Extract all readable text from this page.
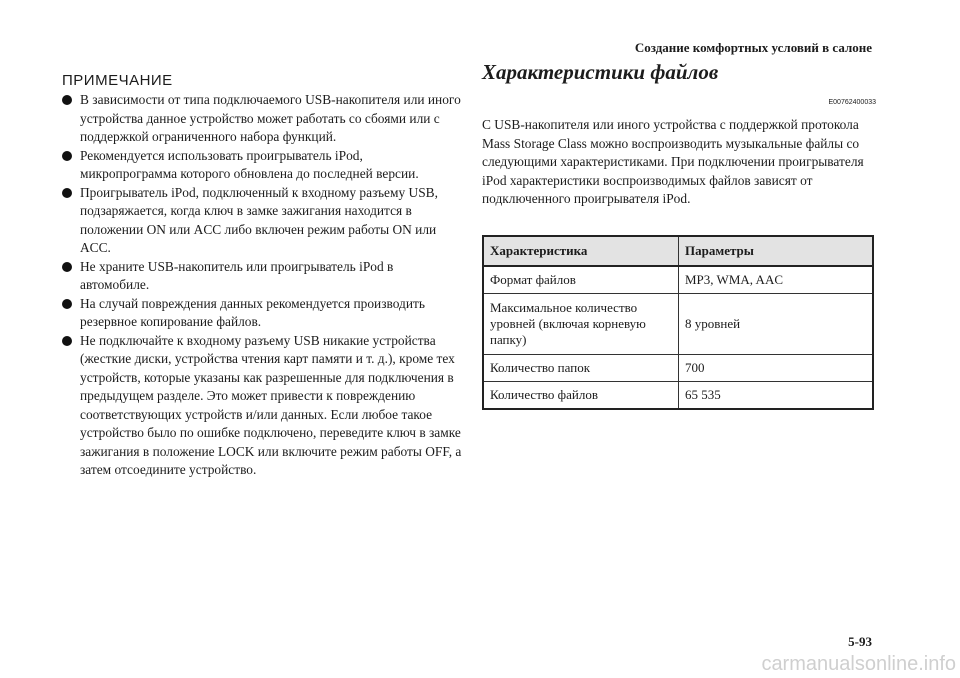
Создание комфортных условий в салоне
ПРИМЕЧАНИЕ
В зависимости от типа подключаемого USB-накопителя или иного устройства данное устройство может работать со сбоями или с поддержкой ограниченного набора функций.
Рекомендуется использовать проигрыватель iPod, микропрограмма которого обновлена до последней версии.
Проигрыватель iPod, подключенный к входному разъему USB, подзаряжается, когда ключ в замке зажигания находится в положении ON или ACC либо включен режим работы ON или ACC.
Не храните USB-накопитель или проигрыватель iPod в автомобиле.
На случай повреждения данных рекомендуется производить резервное копирование файлов.
Не подключайте к входному разъему USB никакие устройства (жесткие диски, устройства чтения карт памяти и т. д.), кроме тех устройств, которые указаны как разрешенные для подключения в предыдущем разделе. Это может привести к повреждению соответствующих устройств и/или данных. Если любое такое устройство было по ошибке подключено, переведите ключ в замке зажигания в положение LOCK или включите режим работы OFF, а затем отсоедините устройство.
Характеристики файлов
E00762400033

С USB-накопителя или иного устройства с поддержкой протокола Mass Storage Class можно воспроизводить музыкальные файлы со следующими характеристиками. При подключении проигрывателя iPod характеристики воспроизводимых файлов зависят от подключенного проигрывателя iPod.

Характеристика	Параметры
Формат файлов	MP3, WMA, AAC
Максимальное количество уровней (включая корневую папку)	8 уровней
Количество папок	700
Количество файлов	65 535
5-93
carmanualsonline.info
